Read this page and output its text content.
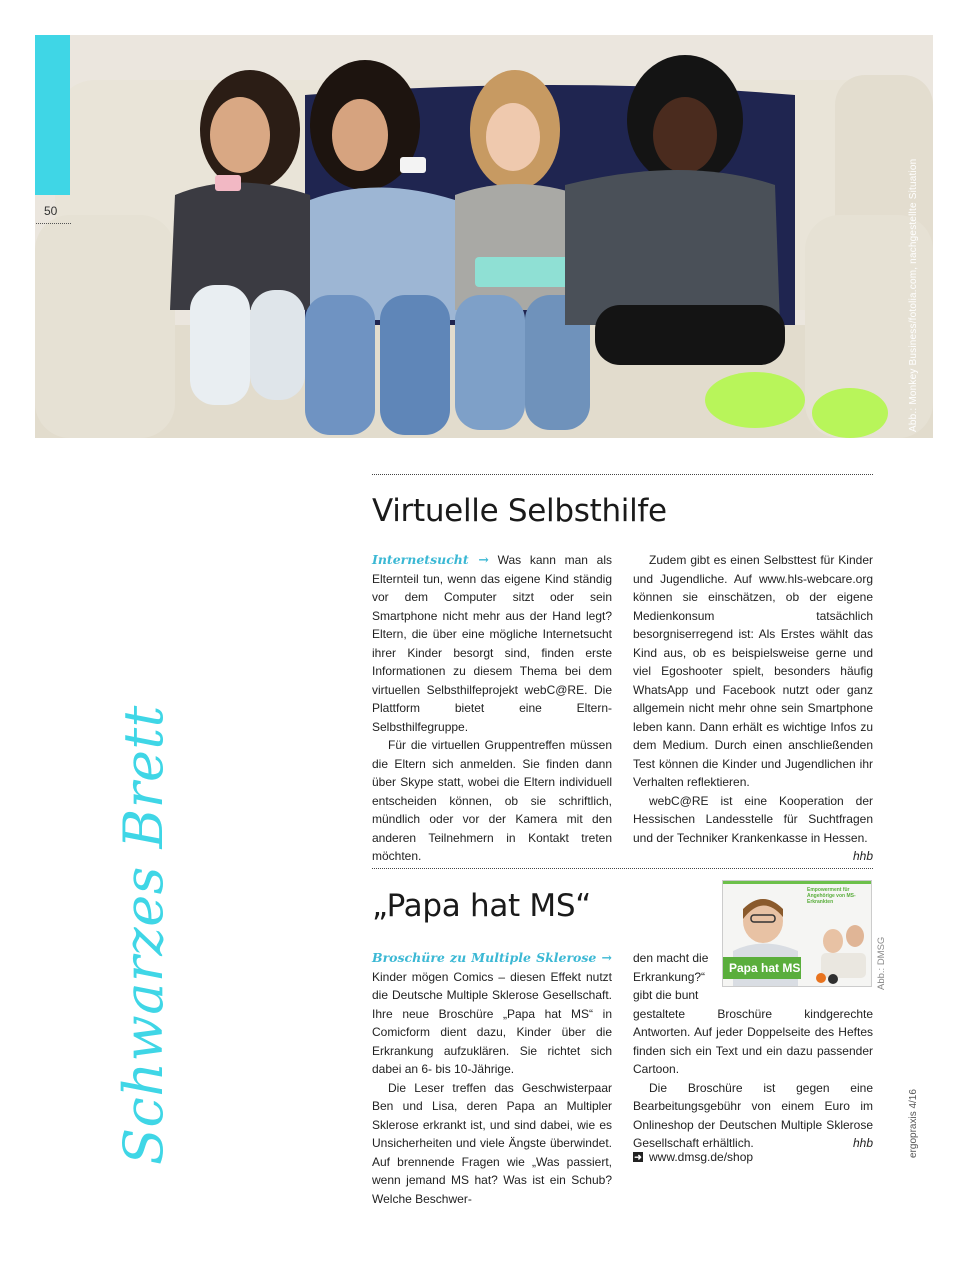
Abb.: Monkey Business/fotolia.com, nachgestellte Situation
50
Schwarzes Brett
Virtuelle Selbsthilfe

Internetsucht → Was kann man als Elternteil tun, wenn das eigene Kind ständig vor dem Computer sitzt oder sein Smartphone nicht mehr aus der Hand legt? Eltern, die über eine mögliche Internetsucht ihrer Kinder besorgt sind, finden erste Informationen zu diesem Thema bei dem virtuellen Selbsthilfeprojekt webC@RE. Die Plattform bietet eine Eltern-Selbsthilfegruppe.

Für die virtuellen Gruppentreffen müssen die Eltern sich anmelden. Sie finden dann über Skype statt, wobei die Eltern individuell entscheiden können, ob sie schriftlich, mündlich oder vor der Kamera mit den anderen Teilnehmern in Kontakt treten möchten.

Zudem gibt es einen Selbsttest für Kinder und Jugendliche. Auf www.hls-webcare.org können sie einschätzen, ob der eigene Medienkonsum tatsächlich besorgniserregend ist: Als Erstes wählt das Kind aus, ob es beispielsweise gerne und viel Egoshooter spielt, besonders häufig WhatsApp und Facebook nutzt oder ganz allgemein nicht mehr ohne sein Smartphone leben kann. Dann erhält es wichtige Infos zu dem Medium. Durch einen anschließenden Test können die Kinder und Jugendlichen ihr Verhalten reflektieren.

webC@RE ist eine Kooperation der Hessischen Landesstelle für Suchtfragen und der Techniker Krankenkasse in Hessen.
hhb

„Papa hat MS“

Broschüre zu Multiple Sklerose → Kinder mögen Comics – diesen Effekt nutzt die Deutsche Multiple Sklerose Gesellschaft. Ihre neue Broschüre „Papa hat MS“ in Comicform dient dazu, Kinder über die Erkrankung aufzuklären. Sie richtet sich dabei an 6- bis 10-Jährige.

Die Leser treffen das Geschwisterpaar Ben und Lisa, deren Papa an Multipler Sklerose erkrankt ist, und sind dabei, wie es Unsicherheiten und viele Ängste überwindet. Auf brennende Fragen wie „Was passiert, wenn jemand MS hat? Was ist ein Schub? Welche Beschwer-

den macht die
Erkrankung?“
gibt die bunt

gestaltete Broschüre kindgerechte Antworten. Auf jeder Doppelseite des Heftes finden sich ein Text und ein dazu passender Cartoon.

Die Broschüre ist gegen eine Bearbeitungsgebühr von einem Euro im Onlineshop der Deutschen Multiple Sklerose Gesellschaft erhältlich.	hhb

Empowerment für Angehörige von MS-Erkrankten
Papa hat MS	Abb.: DMSG
➜ www.dmsg.de/shop	ergopraxis 4/16
